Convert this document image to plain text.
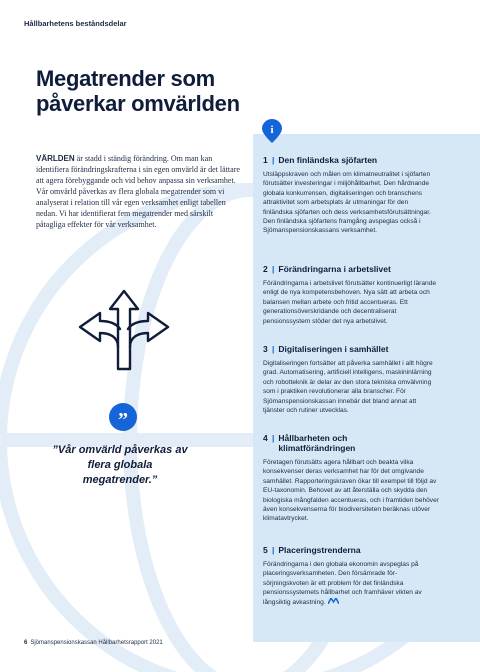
Hållbarhetens beståndsdelar
Megatrender som påverkar omvärlden
VÄRLDEN är stadd i ständig förändring. Om man kan identifiera förändringskrafterna i sin egen omvärld är det lättare att agera förebyggande och vid behov anpassa sin verksamhet. Vår omvärld påverkas av flera globala megatrender som vi analyserat i relation till vår egen verksamhet enligt tabellen nedan. Vi har identifierat fem megatrender med särskilt påtagliga effekter för vår verksamhet.
”
”Vår omvärld påverkas av flera globala megatrender.”
i
1 | Den finländska sjöfarten

Utsläppskraven och målen om klimatneutralitet i sjöfarten förutsätter investeringar i miljöhållbarhet. Den hårdnande globala konkurrensen, digitaliseringen och branschens attraktivitet som arbetsplats är utmaningar för den finländska sjöfarten och dess verksamhetsförutsättningar. Den finländska sjöfartens framgång avspeglas också i Sjömanspensionskassans verksamhet.

2 | Förändringarna i arbetslivet

Förändringarna i arbetslivet förutsätter kontinuerligt lärande enligt de nya kompetensbehoven. Nya sätt att arbeta och balansen mellan arbete och fritid accentueras. Ett generationsöverskridande och decentraliserat pensionssystem stöder det nya arbetslivet.

3 | Digitaliseringen i samhället

Digitaliseringen fortsätter att påverka samhället i allt högre grad. Automatisering, artificiell intelligens, maskininlärning och robotteknik är delar av den stora tekniska omvälvning som i praktiken revolutionerar alla branscher. För Sjömanspensionskassan innebär det bland annat att tjänster och rutiner utvecklas.

4 | Hållbarheten och klimatförändringen

Företagen förutsätts agera hållbart och beakta vilka konsekvenser deras verksamhet har för det omgivande samhället. Rapporteringskraven ökar till exempel till följd av EU-taxonomin. Behovet av att återställa och skydda den biologiska mångfalden accentueras, och i framtiden behöver även konsekvenserna för biodiversiteten beräknas utöver klimatavtrycket.

5 | Placeringstrenderna

Förändringarna i den globala ekonomin avspeglas på placeringsverksamheten. Den försämrade försörjningskvoten är ett problem för det finländska pensionssystemets hållbarhet och framhäver vikten av långsiktig avkastning.

6 Sjömanspensionskassan Hållbarhetsrapport 2021
